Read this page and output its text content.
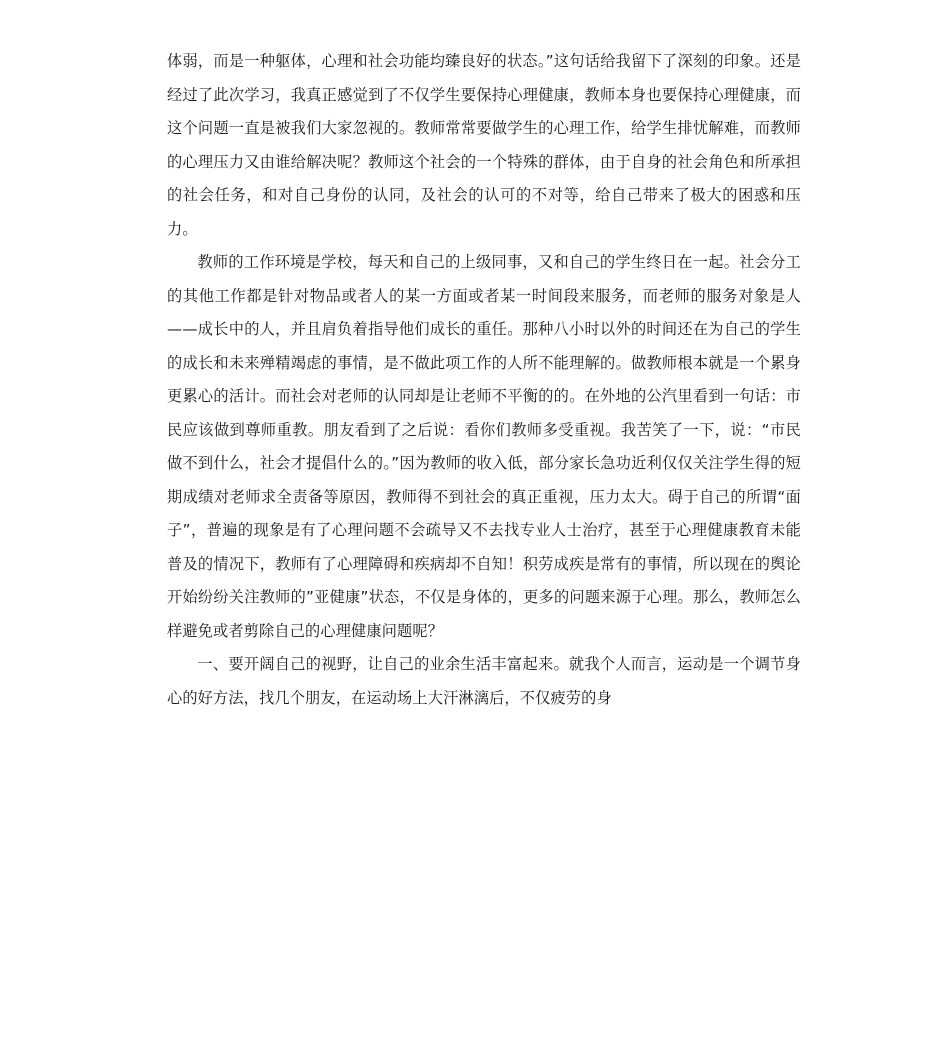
体弱，而是一种躯体，心理和社会功能均臻良好的状态。”这句话给我留下了深刻的印象。还是经过了此次学习，我真正感觉到了不仅学生要保持心理健康，教师本身也要保持心理健康，而这个问题一直是被我们大家忽视的。教师常常要做学生的心理工作，给学生排忧解难，而教师的心理压力又由谁给解决呢？教师这个社会的一个特殊的群体，由于自身的社会角色和所承担的社会任务，和对自己身份的认同，及社会的认可的不对等，给自己带来了极大的困惑和压力。

教师的工作环境是学校，每天和自己的上级同事，又和自己的学生终日在一起。社会分工的其他工作都是针对物品或者人的某一方面或者某一时间段来服务，而老师的服务对象是人——成长中的人，并且肩负着指导他们成长的重任。那种八小时以外的时间还在为自己的学生的成长和未来殚精竭虑的事情，是不做此项工作的人所不能理解的。做教师根本就是一个累身更累心的活计。而社会对老师的认同却是让老师不平衡的的。在外地的公汽里看到一句话：市民应该做到尊师重教。朋友看到了之后说：看你们教师多受重视。我苦笑了一下，说：“市民做不到什么，社会才提倡什么的。”因为教师的收入低，部分家长急功近利仅仅关注学生得的短期成绩对老师求全责备等原因，教师得不到社会的真正重视，压力太大。碍于自己的所谓“面子”，普遍的现象是有了心理问题不会疏导又不去找专业人士治疗，甚至于心理健康教育未能普及的情况下，教师有了心理障碍和疾病却不自知！积劳成疾是常有的事情，所以现在的舆论开始纷纷关注教师的”亚健康”状态，不仅是身体的，更多的问题来源于心理。那么，教师怎么样避免或者剪除自己的心理健康问题呢？

一、要开阔自己的视野，让自己的业余生活丰富起来。就我个人而言，运动是一个调节身心的好方法，找几个朋友，在运动场上大汗淋漓后，不仅疲劳的身
